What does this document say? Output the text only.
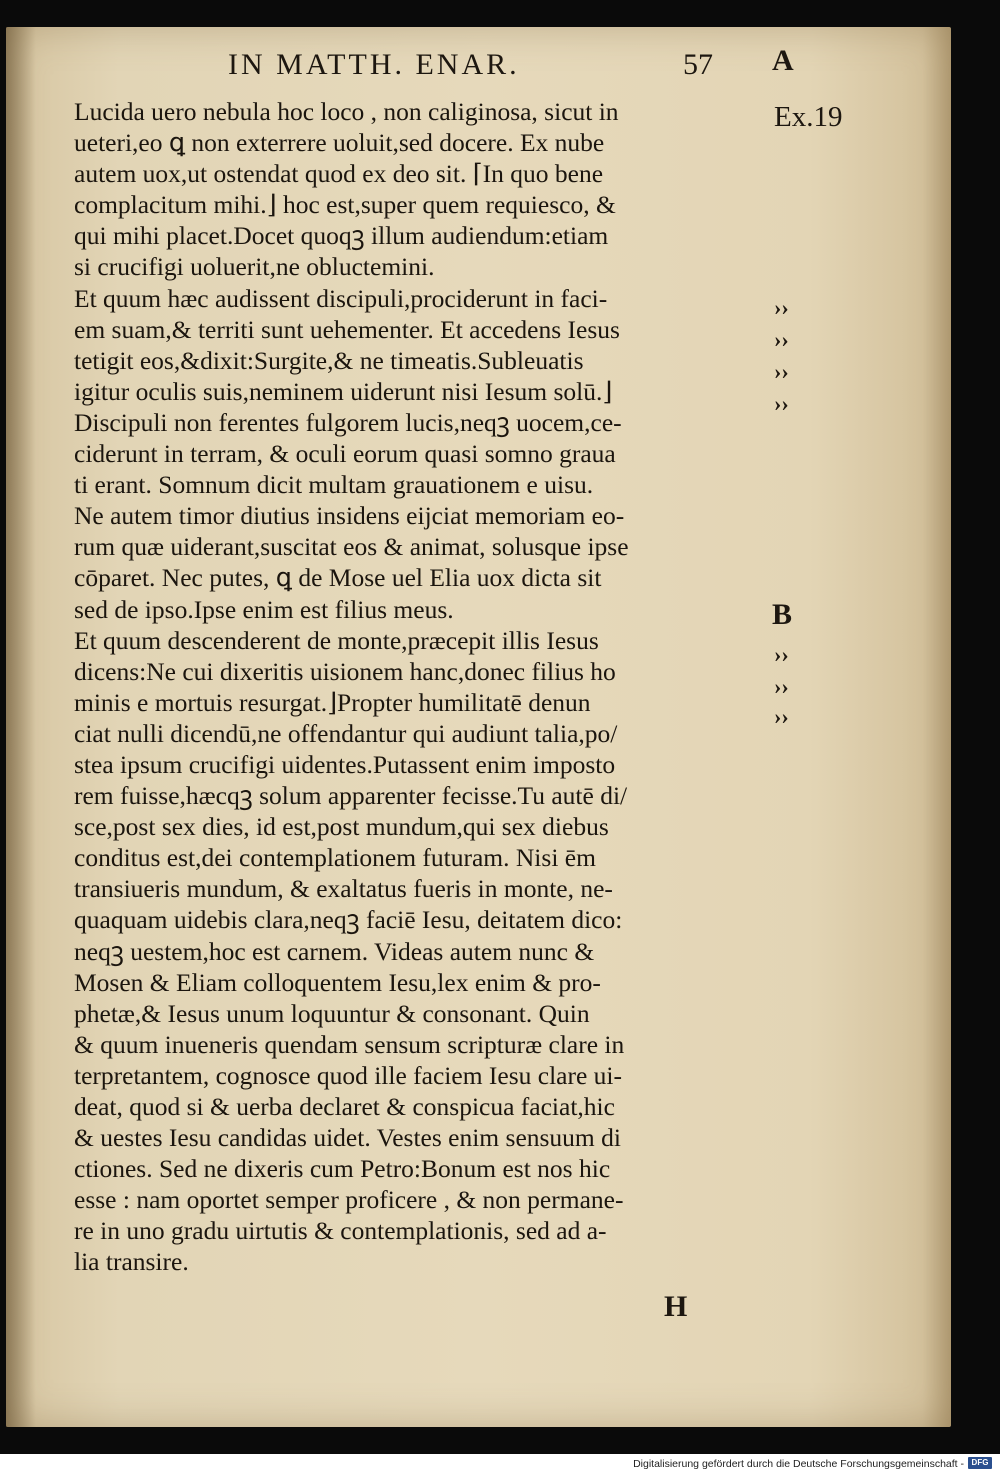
IN MATTH. ENAR.	57 A
Ex.19
B
Lucida uero nebula hoc loco , non caliginosa, sicut in
ueteri,eo ꝗ non exterrere uoluit,sed docere. Ex nube
autem uox,ut ostendat quod ex deo sit. ⌈In quo bene
complacitum mihi.⌋ hoc est,super quem requiesco, &
qui mihi placet.Docet quoqꝫ illum audiendum:etiam
si crucifigi uoluerit,ne obluctemini.
Et quum hæc audissent discipuli,prociderunt in faci-
em suam,& territi sunt uehementer. Et accedens Iesus
tetigit eos,&dixit:Surgite,& ne timeatis.Subleuatis
igitur oculis suis,neminem uiderunt nisi Iesum solū.⌋
Discipuli non ferentes fulgorem lucis,neqꝫ uocem,ce-
ciderunt in terram, & oculi eorum quasi somno graua
ti erant. Somnum dicit multam grauationem e uisu.
Ne autem timor diutius insidens eijciat memoriam eo-
rum quæ uiderant,suscitat eos & animat, solusque ipse
cōparet. Nec putes, ꝗ de Mose uel Elia uox dicta sit
sed de ipso.Ipse enim est filius meus.
Et quum descenderent de monte,præcepit illis Iesus
dicens:Ne cui dixeritis uisionem hanc,donec filius ho
minis e mortuis resurgat.⌋Propter humilitatē denun
ciat nulli dicendū,ne offendantur qui audiunt talia,po/
stea ipsum crucifigi uidentes.Putassent enim imposto
rem fuisse,hæcqꝫ solum apparenter fecisse.Tu autē di/
sce,post sex dies, id est,post mundum,qui sex diebus
conditus est,dei contemplationem futuram. Nisi ēm
transiueris mundum, & exaltatus fueris in monte, ne-
quaquam uidebis clara,neqꝫ faciē Iesu, deitatem dico:
neqꝫ uestem,hoc est carnem. Videas autem nunc &
Mosen & Eliam colloquentem Iesu,lex enim & pro-
phetæ,& Iesus unum loquuntur & consonant. Quin
& quum inueneris quendam sensum scripturæ clare in
terpretantem, cognosce quod ille faciem Iesu clare ui-
deat, quod si & uerba declaret & conspicua faciat,hic
& uestes Iesu candidas uidet. Vestes enim sensuum di
ctiones. Sed ne dixeris cum Petro:Bonum est nos hic
esse : nam oportet semper proficere , & non permane-
re in uno gradu uirtutis & contemplationis, sed ad a-
lia transire.
››
››
››
››
››
››
››
H
Digitalisierung gefördert durch die Deutsche Forschungsgemeinschaft - DFG
